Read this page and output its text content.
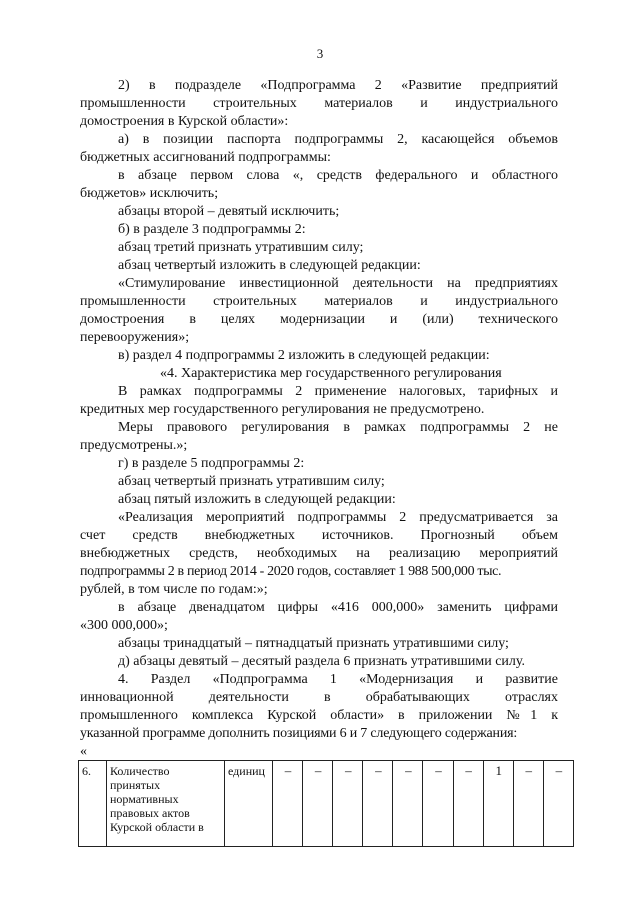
3
2) в подразделе «Подпрограмма 2 «Развитие предприятий
промышленности строительных материалов и индустриального
домостроения в Курской области»:
а) в позиции паспорта подпрограммы 2, касающейся объемов
бюджетных ассигнований подпрограммы:
в абзаце первом слова «, средств федерального и областного
бюджетов» исключить;
абзацы второй – девятый исключить;
б) в разделе 3 подпрограммы 2:
абзац третий признать утратившим силу;
абзац четвертый изложить в следующей редакции:
«Стимулирование инвестиционной деятельности на предприятиях
промышленности строительных материалов и индустриального
домостроения в целях модернизации и (или) технического
перевооружения»;
в) раздел 4 подпрограммы 2 изложить в следующей редакции:
«4. Характеристика мер государственного регулирования
В рамках подпрограммы 2 применение налоговых, тарифных и
кредитных мер государственного регулирования не предусмотрено.
Меры правового регулирования в рамках подпрограммы 2 не
предусмотрены.»;
г) в разделе 5 подпрограммы 2:
абзац четвертый признать утратившим силу;
абзац пятый изложить в следующей редакции:
«Реализация мероприятий подпрограммы 2 предусматривается за
счет средств внебюджетных источников. Прогнозный объем
внебюджетных средств, необходимых на реализацию мероприятий
подпрограммы 2 в период 2014 - 2020 годов, составляет 1 988 500,000 тыс.
рублей, в том числе по годам:»;
в абзаце двенадцатом цифры «416 000,000» заменить цифрами
«300 000,000»;
абзацы тринадцатый – пятнадцатый признать утратившими силу;
д) абзацы девятый – десятый раздела 6 признать утратившими силу.
4. Раздел «Подпрограмма 1 «Модернизация и развитие
инновационной деятельности в обрабатывающих отраслях
промышленного комплекса Курской области» в приложении №1 к
указанной программе дополнить позициями 6 и 7 следующего содержания:
«
6.	Количество принятых нормативных правовых актов Курской области в	единиц	–	–	–	–	–	–	–	1	–	–
